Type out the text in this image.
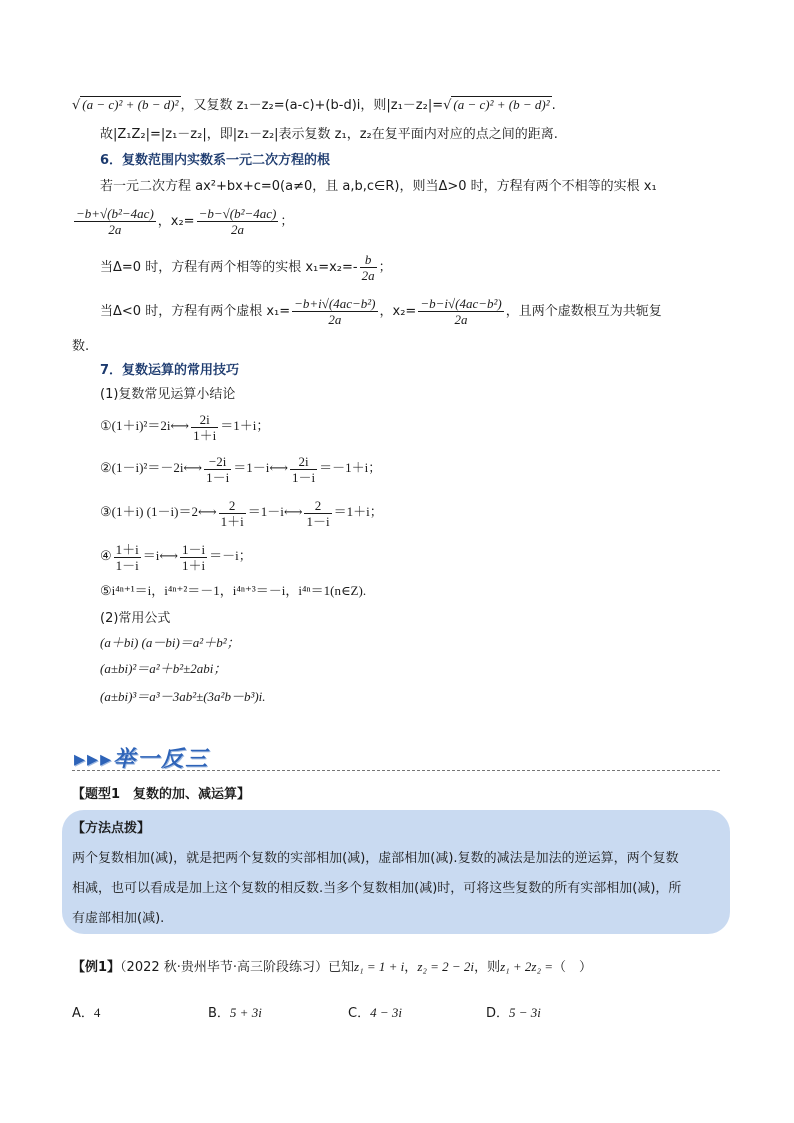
√ (a − c)² + (b − d)² ，又复数 z₁－z₂=(a-c)+(b-d)i，则|z₁－z₂|=√ (a − c)² + (b − d)² .
故|Z₁Z₂|=|z₁－z₂|，即|z₁－z₂|表示复数 z₁，z₂在复平面内对应的点之间的距离.
6．复数范围内实数系一元二次方程的根
若一元二次方程 ax²+bx+c=0(a≠0，且 a,b,c∈R)，则当Δ>0 时，方程有两个不相等的实根 x₁
$\frac{\text{−b+√(b²−4ac)}}{2a}$ ，$x_2= \frac{\text{−b−√(b²−4ac)}}{2a}$ ；
当Δ=0 时，方程有两个相等的实根 $x_1=x_2=- \frac{b}{2a}$ ；
当Δ<0 时，方程有两个虚根 $x_1= \frac{\text{−b+i√(4ac−b²)}}{2a}$ ，$x_2= \frac{\text{−b−i√(4ac−b²)}}{2a}$ ，且两个虚数根互为共轭复
数.
7．复数运算的常用技巧
(1)复数常见运算小结论
①(1＋i)²＝2i⟷ $\frac{2i}{1+i} =1+i$；
②(1－i)²＝－2i⟷ $\frac{-2i}{1-i}$ ＝1－i⟷ $\frac{2i}{1-i} =-1+i$；
③(1＋i) (1－i)＝2⟷ $\frac{2}{1+i}$ ＝1－i⟷ $\frac{2}{1-i} =1+i$；
④ $\frac{1+i}{1-i}$ ＝i⟷ $\frac{1-i}{1+i} =-i$；
⑤i⁴ⁿ⁺¹＝i，i⁴ⁿ⁺²＝－1，i⁴ⁿ⁺³＝－i，i⁴ⁿ＝1(n∈Z).
(2)常用公式
(a＋bi) (a－bi)＝a²＋b²；
(a±bi)²＝a²＋b²±2abi；
(a±bi)³＝a³－3ab²±(3a²b－b³)i.
▸▸▸举一反三
【题型1　复数的加、减运算】
【方法点拨】
两个复数相加(减)，就是把两个复数的实部相加(减)，虚部相加(减).复数的减法是加法的逆运算，两个复数
相减，也可以看成是加上这个复数的相反数.当多个复数相加(减)时，可将这些复数的所有实部相加(减)，所
有虚部相加(减).
【例1】（2022 秋·贵州毕节·高三阶段练习）已知z₁ = 1 + i，z₂ = 2 − 2i，则z₁ + 2z₂ =（　）
A．4	B．5 + 3i	C．4 − 3i	D．5 − 3i
